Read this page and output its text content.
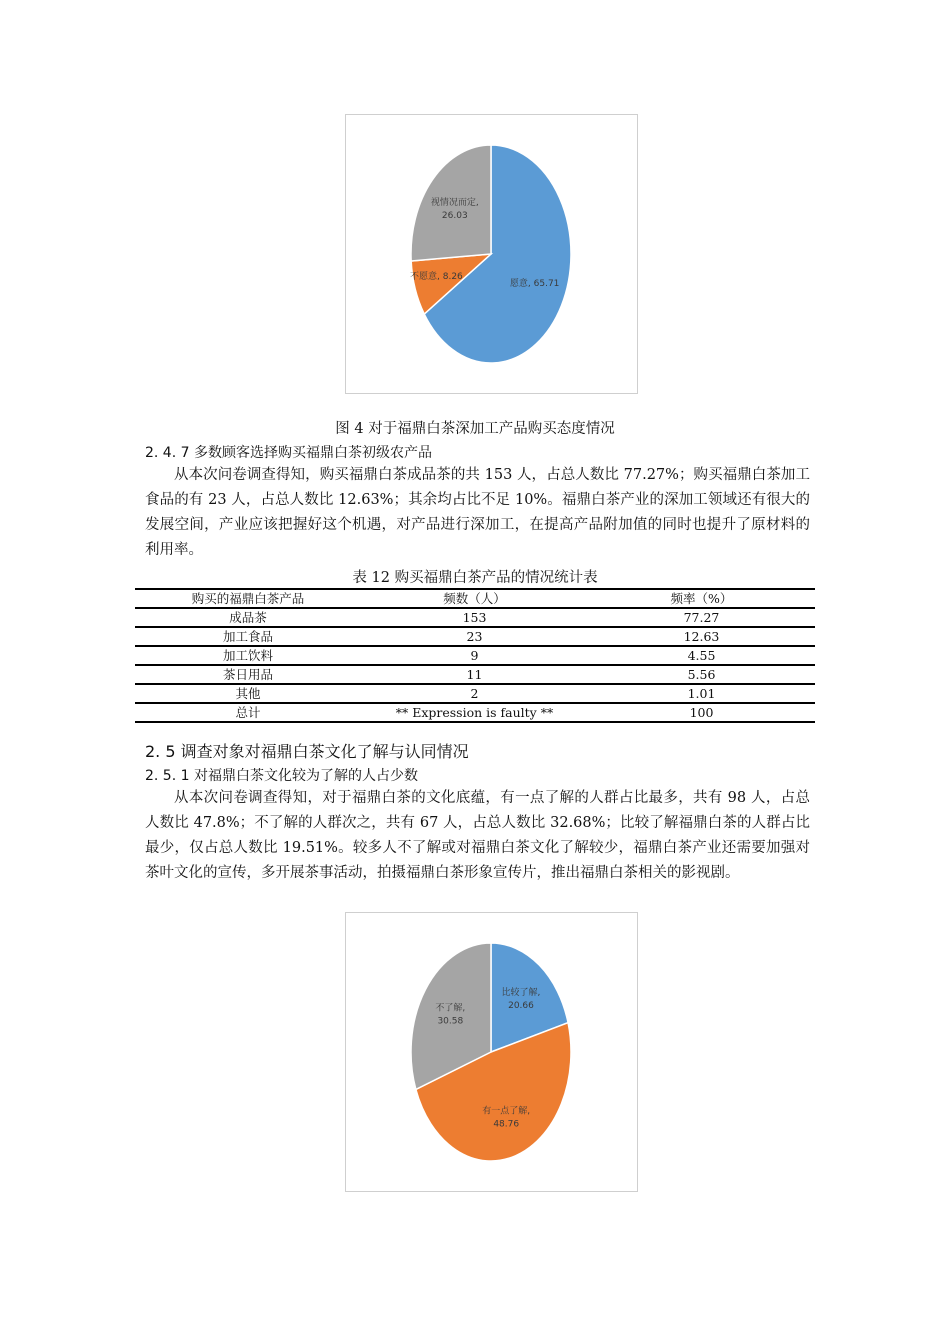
愿意, 65.71
不愿意, 8.26
视情况而定, 26.03
图 4 对于福鼎白茶深加工产品购买态度情况
2. 4. 7 多数顾客选择购买福鼎白茶初级农产品

从本次问卷调查得知，购买福鼎白茶成品茶的共 153 人，占总人数比 77.27%；购买福鼎白茶加工食品的有 23 人，占总人数比 12.63%；其余均占比不足 10%。福鼎白茶产业的深加工领域还有很大的发展空间，产业应该把握好这个机遇，对产品进行深加工，在提高产品附加值的同时也提升了原材料的利用率。

表 12 购买福鼎白茶产品的情况统计表
购买的福鼎白茶产品	频数（人）	频率（%）
成品茶	153	77.27
加工食品	23	12.63
加工饮料	9	4.55
茶日用品	11	5.56
其他	2	1.01
总计	** Expression is faulty **	100
2. 5 调查对象对福鼎白茶文化了解与认同情况
2. 5. 1 对福鼎白茶文化较为了解的人占少数

从本次问卷调查得知，对于福鼎白茶的文化底蕴，有一点了解的人群占比最多，共有 98 人，占总人数比 47.8%；不了解的人群次之，共有 67 人，占总人数比 32.68%；比较了解福鼎白茶的人群占比最少，仅占总人数比 19.51%。较多人不了解或对福鼎白茶文化了解较少，福鼎白茶产业还需要加强对茶叶文化的宣传，多开展茶事活动，拍摄福鼎白茶形象宣传片，推出福鼎白茶相关的影视剧。

比较了解, 20.66
有一点了解, 48.76
不了解, 30.58
